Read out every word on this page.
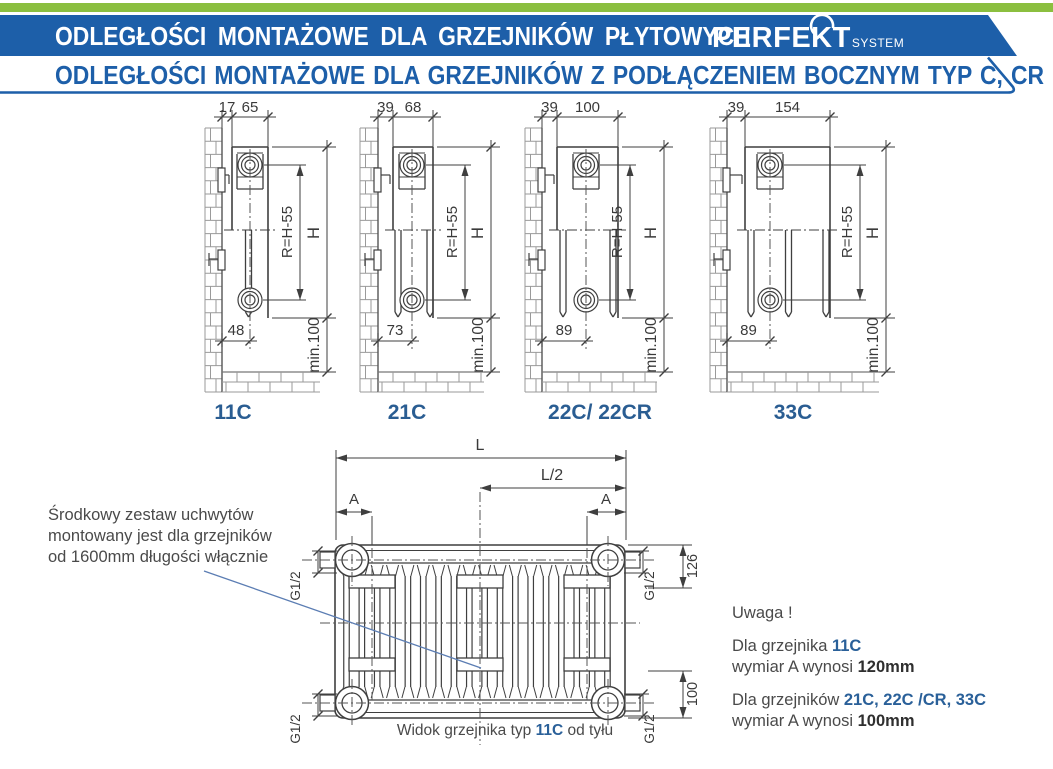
ODLEGŁOŚCI MONTAŻOWE DLA GRZEJNIKÓW PŁYTOWYCH
PERFEKT SYSTEM
ODLEGŁOŚCI MONTAŻOWE DLA GRZEJNIKÓW Z PODŁĄCZENIEM BOCZNYM TYP C, CR
17 65
H
R=H-55
min.100
48
39 68
H
R=H-55
min.100
73
39 100
H
R=H-55
min.100
89
39 154
H
R=H-55
min.100
89
11C	21C	22C/ 22CR	33C
L
L/2
A	A
G1/2	G1/2
G1/2	G1/2
126
100
Środkowy zestaw uchwytów
montowany jest dla grzejników
od 1600mm długości włącznie
Uwaga !
Dla grzejnika 11C
wymiar A wynosi 120mm
Dla grzejników 21C, 22C /CR, 33C
wymiar A wynosi 100mm
Widok grzejnika typ 11C od tyłu
